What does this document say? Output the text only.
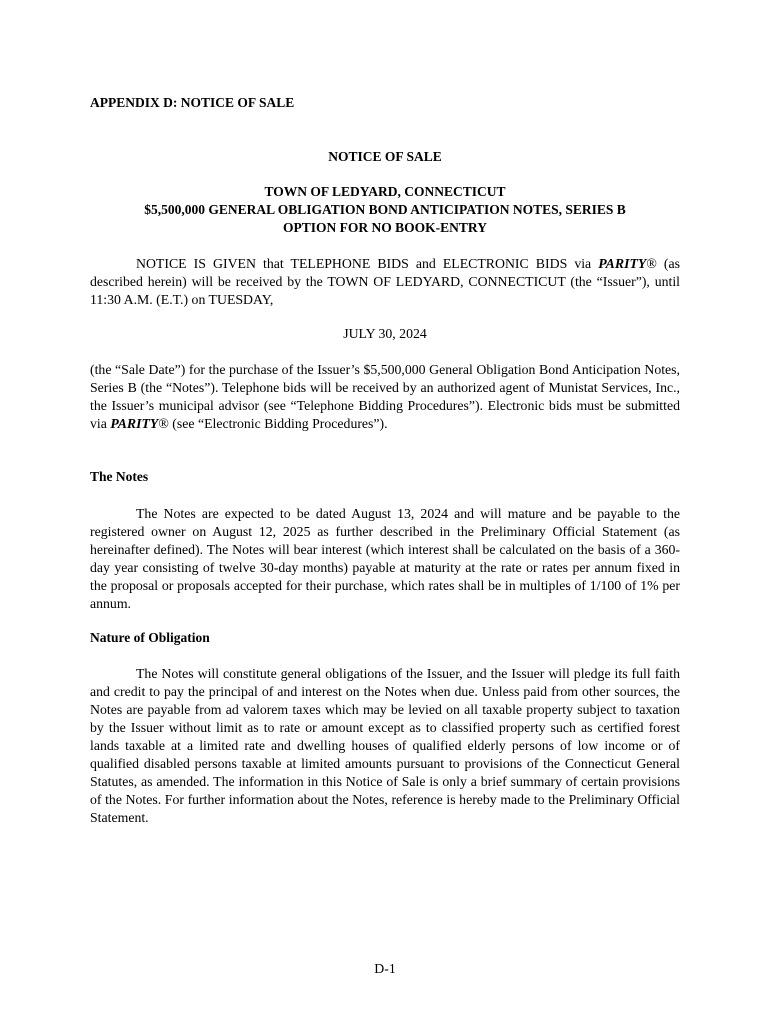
APPENDIX D: NOTICE OF SALE
NOTICE OF SALE
TOWN OF LEDYARD, CONNECTICUT
$5,500,000 GENERAL OBLIGATION BOND ANTICIPATION NOTES, SERIES B
OPTION FOR NO BOOK-ENTRY
NOTICE IS GIVEN that TELEPHONE BIDS and ELECTRONIC BIDS via PARITY® (as described herein) will be received by the TOWN OF LEDYARD, CONNECTICUT (the “Issuer”), until 11:30 A.M. (E.T.) on TUESDAY,
JULY 30, 2024
(the “Sale Date”) for the purchase of the Issuer’s $5,500,000 General Obligation Bond Anticipation Notes, Series B (the “Notes”). Telephone bids will be received by an authorized agent of Munistat Services, Inc., the Issuer’s municipal advisor (see “Telephone Bidding Procedures”). Electronic bids must be submitted via PARITY® (see “Electronic Bidding Procedures”).
The Notes
The Notes are expected to be dated August 13, 2024 and will mature and be payable to the registered owner on August 12, 2025 as further described in the Preliminary Official Statement (as hereinafter defined). The Notes will bear interest (which interest shall be calculated on the basis of a 360-day year consisting of twelve 30-day months) payable at maturity at the rate or rates per annum fixed in the proposal or proposals accepted for their purchase, which rates shall be in multiples of 1/100 of 1% per annum.
Nature of Obligation
The Notes will constitute general obligations of the Issuer, and the Issuer will pledge its full faith and credit to pay the principal of and interest on the Notes when due. Unless paid from other sources, the Notes are payable from ad valorem taxes which may be levied on all taxable property subject to taxation by the Issuer without limit as to rate or amount except as to classified property such as certified forest lands taxable at a limited rate and dwelling houses of qualified elderly persons of low income or of qualified disabled persons taxable at limited amounts pursuant to provisions of the Connecticut General Statutes, as amended. The information in this Notice of Sale is only a brief summary of certain provisions of the Notes. For further information about the Notes, reference is hereby made to the Preliminary Official Statement.
D-1
